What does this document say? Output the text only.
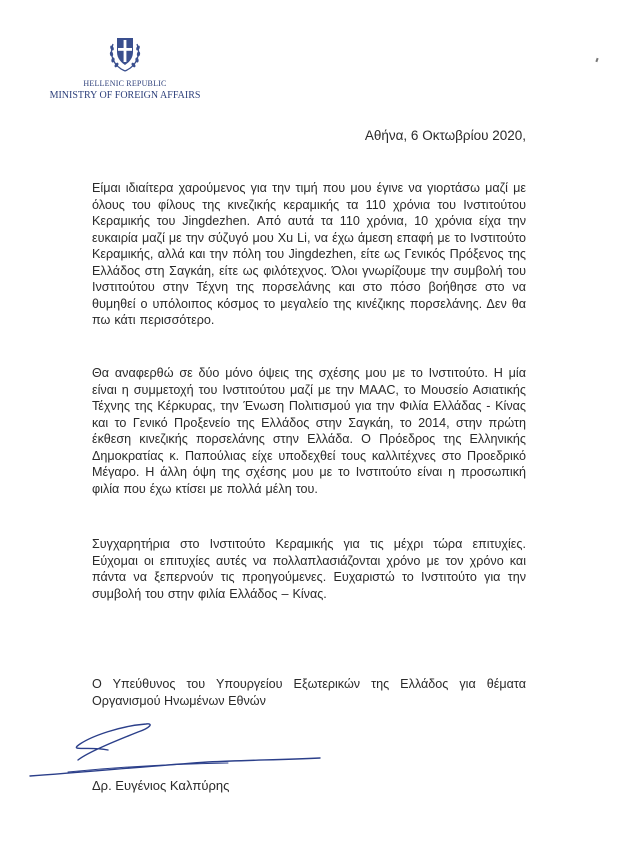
HELLENIC REPUBLIC
MINISTRY OF FOREIGN AFFAIRS
Αθήνα, 6 Οκτωβρίου 2020,

Είμαι ιδιαίτερα χαρούμενος για την τιμή που μου έγινε να γιορτάσω μαζί με όλους του φίλους της κινεζικής κεραμικής τα 110 χρόνια του Ινστιτούτου Κεραμικής του Jingdezhen. Από αυτά τα 110 χρόνια, 10 χρόνια είχα την ευκαιρία μαζί με την σύζυγό μου Xu Li, να έχω άμεση επαφή με το Ινστιτούτο Κεραμικής, αλλά και την πόλη του Jingdezhen, είτε ως Γενικός Πρόξενος της Ελλάδος στη Σαγκάη, είτε ως φιλότεχνος. Όλοι γνωρίζουμε την συμβολή του Ινστιτούτου στην Τέχνη της πορσελάνης και στο πόσο βοήθησε στο να θυμηθεί ο υπόλοιπος κόσμος το μεγαλείο της κινέζικης πορσελάνης. Δεν θα πω κάτι περισσότερο.

Θα αναφερθώ σε δύο μόνο όψεις της σχέσης μου με το Ινστιτούτο. Η μία είναι η συμμετοχή του Ινστιτούτου μαζί με την MAAC, το Μουσείο Ασιατικής Τέχνης της Κέρκυρας, την Ένωση Πολιτισμού για την Φιλία Ελλάδας - Κίνας και το Γενικό Προξενείο της Ελλάδος στην Σαγκάη, το 2014, στην πρώτη έκθεση κινεζικής πορσελάνης στην Ελλάδα. Ο Πρόεδρος της Ελληνικής Δημοκρατίας κ. Παπούλιας είχε υποδεχθεί τους καλλιτέχνες στο Προεδρικό Μέγαρο. Η άλλη όψη της σχέσης μου με το Ινστιτούτο είναι η προσωπική φιλία που έχω κτίσει με πολλά μέλη του.

Συγχαρητήρια στο Ινστιτούτο Κεραμικής για τις μέχρι τώρα επιτυχίες. Εύχομαι οι επιτυχίες αυτές να πολλαπλασιάζονται χρόνο με τον χρόνο και πάντα να ξεπερνούν τις προηγούμενες. Ευχαριστώ το Ινστιτούτο για την συμβολή του στην φιλία Ελλάδος – Κίνας.

Ο Υπεύθυνος του Υπουργείου Εξωτερικών της Ελλάδος για θέματα Οργανισμού Ηνωμένων Εθνών

Δρ. Ευγένιος Καλπύρης
